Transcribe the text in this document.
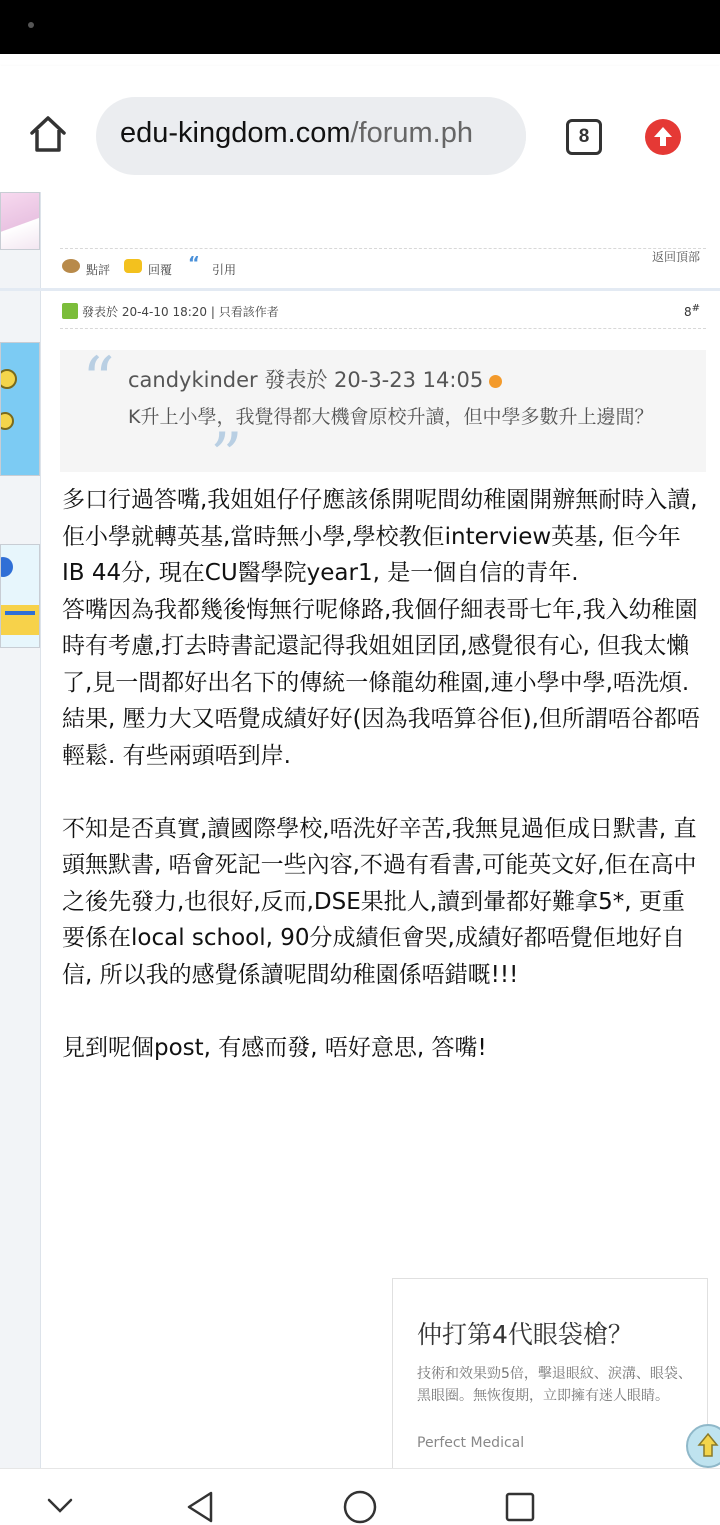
edu-kingdom.com/forum.ph	8
返回頂部
點評	回覆 “	引用
發表於 20-4-10 18:20 | 只看該作者	8#
“ candykinder 發表於 20-3-23 14:05
K升上小學，我覺得都大機會原校升讀，但中學多數升上邊間？
”

多口行過答嘴,我姐姐仔仔應該係開呢間幼稚園開辦無耐時入讀,佢小學就轉英基,當時無小學,學校教佢interview英基, 佢今年IB 44分, 現在CU醫學院year1, 是一個自信的青年.

答嘴因為我都幾後悔無行呢條路,我個仔細表哥七年,我入幼稚園時有考慮,打去時書記還記得我姐姐囝囝,感覺很有心, 但我太懶了,見一間都好出名下的傳統一條龍幼稚園,連小學中學,唔洗煩. 結果, 壓力大又唔覺成績好好(因為我唔算谷佢),但所謂唔谷都唔輕鬆. 有些兩頭唔到岸.

不知是否真實,讀國際學校,唔洗好辛苦,我無見過佢成日默書, 直頭無默書, 唔會死記一些內容,不過有看書,可能英文好,佢在高中之後先發力,也很好,反而,DSE果批人,讀到暈都好難拿5*, 更重要係在local school, 90分成績佢會哭,成績好都唔覺佢地好自信, 所以我的感覺係讀呢間幼稚園係唔錯嘅!!!

見到呢個post, 有感而發, 唔好意思, 答嘴!

仲打第4代眼袋槍？
技術和效果勁5倍，擊退眼紋、淚溝、眼袋、黑眼圈。無恢復期，立即擁有迷人眼睛。
Perfect Medical
